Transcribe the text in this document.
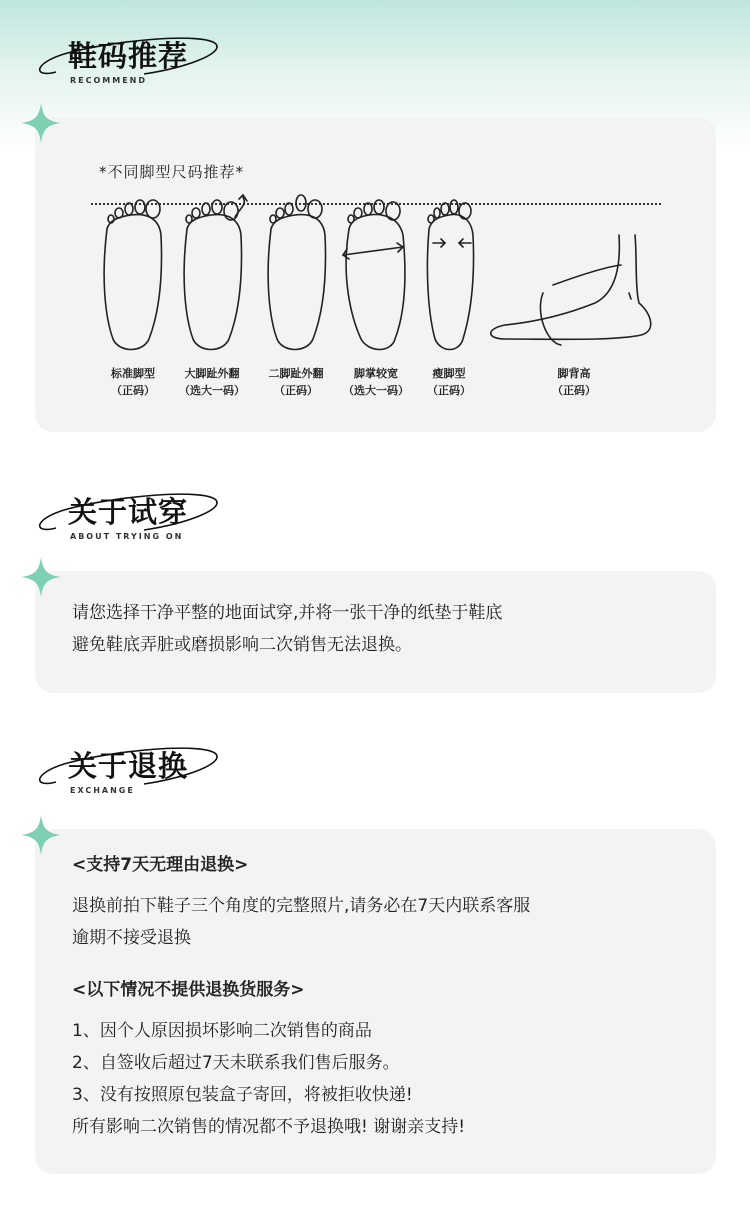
鞋码推荐
RECOMMEND
*不同脚型尺码推荐*
标准脚型
（正码）
大脚趾外翻
（选大一码）
二脚趾外翻
（正码）
脚掌较宽
（选大一码）
瘦脚型
（正码）
脚背高
（正码）
关于试穿
ABOUT TRYING ON
请您选择干净平整的地面试穿,并将一张干净的纸垫于鞋底
避免鞋底弄脏或磨损影响二次销售无法退换。
关于退换
EXCHANGE
<支持7天无理由退换>
退换前拍下鞋子三个角度的完整照片,请务必在7天内联系客服
逾期不接受退换
<以下情况不提供退换货服务>
1、因个人原因损坏影响二次销售的商品
2、自签收后超过7天未联系我们售后服务。
3、没有按照原包装盒子寄回，将被拒收快递!
所有影响二次销售的情况都不予退换哦! 谢谢亲支持!
